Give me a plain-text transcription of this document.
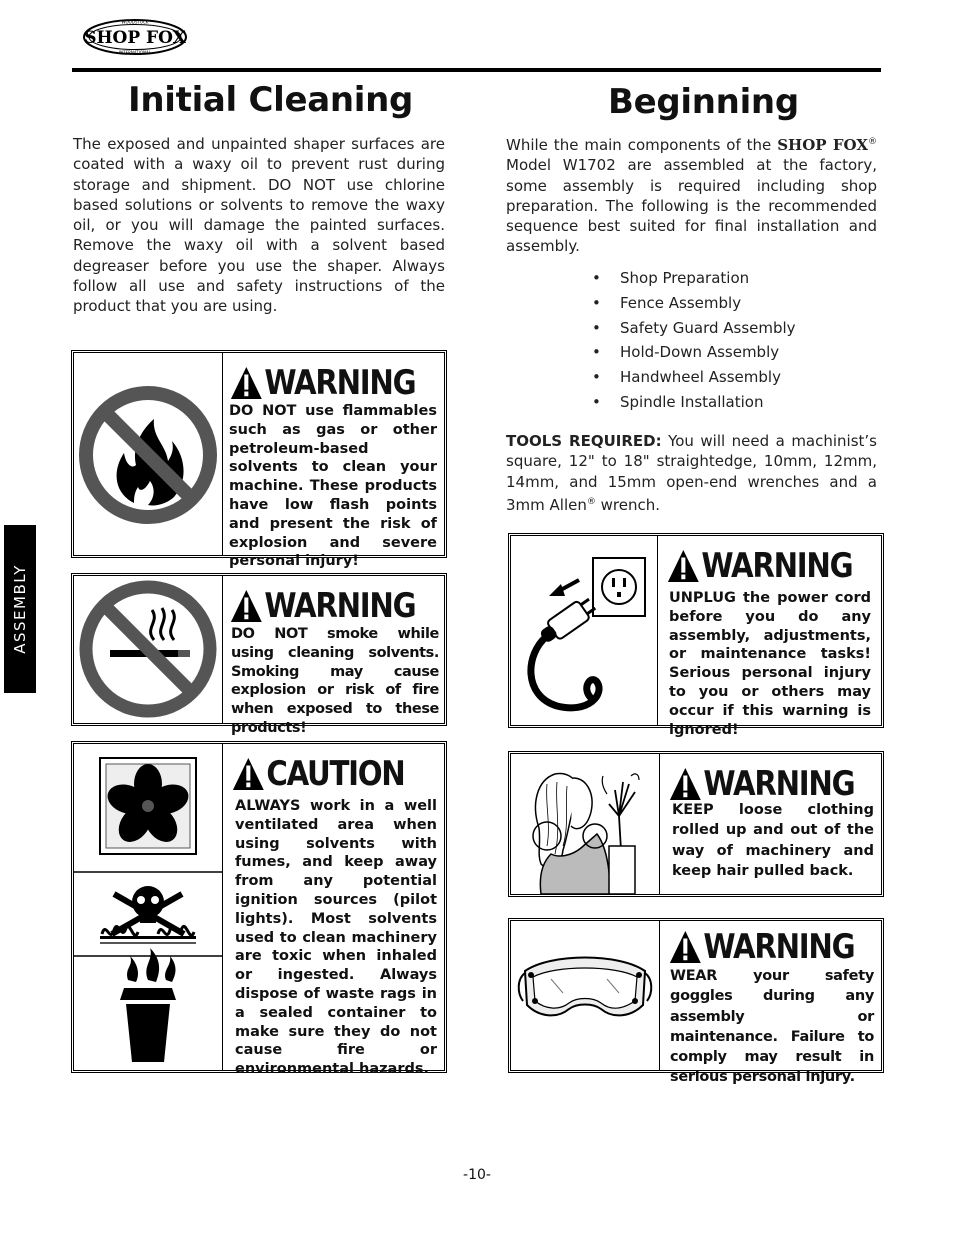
SHOP FOX
WOODSTOCK
INTERNATIONAL
ASSEMBLY
Initial Cleaning
The exposed and unpainted shaper surfaces are coated with a waxy oil to prevent rust during storage and shipment. DO NOT use chlorine based solutions or solvents to remove the waxy oil, or you will damage the painted surfaces. Remove the waxy oil with a solvent based degreaser before you use the shaper. Always follow all use and safety instructions of the product that you are using.
Beginning
While the main components of the SHOP FOX® Model W1702 are assembled at the factory, some assembly is required including shop preparation. The following is the recommended sequence best suited for final installation and assembly.
• Shop Preparation
• Fence Assembly
• Safety Guard Assembly
• Hold-Down Assembly
• Handwheel Assembly
• Spindle Installation
TOOLS REQUIRED: You will need a machinist’s square, 12" to 18" straightedge, 10mm, 12mm, 14mm, and 15mm open-end wrenches and a 3mm Allen® wrench.
WARNING
DO NOT use flammables such as gas or other petroleum-based solvents to clean your machine. These products have low flash points and present the risk of explosion and severe personal injury!
WARNING
DO NOT smoke while using cleaning solvents. Smoking may cause explosion or risk of fire when exposed to these products!
CAUTION
ALWAYS work in a well ventilated area when using solvents with fumes, and keep away from any potential ignition sources (pilot lights). Most solvents used to clean machinery are toxic when inhaled or ingested. Always dispose of waste rags in a sealed container to make sure they do not cause fire or environmental hazards.
WARNING
UNPLUG the power cord before you do any assembly, adjustments, or maintenance tasks! Serious personal injury to you or others may occur if this warning is ignored!
WARNING
KEEP loose clothing rolled up and out of the way of machinery and keep hair pulled back.
WARNING
WEAR your safety goggles during any assembly or maintenance. Failure to comply may result in serious personal injury.
-10-
